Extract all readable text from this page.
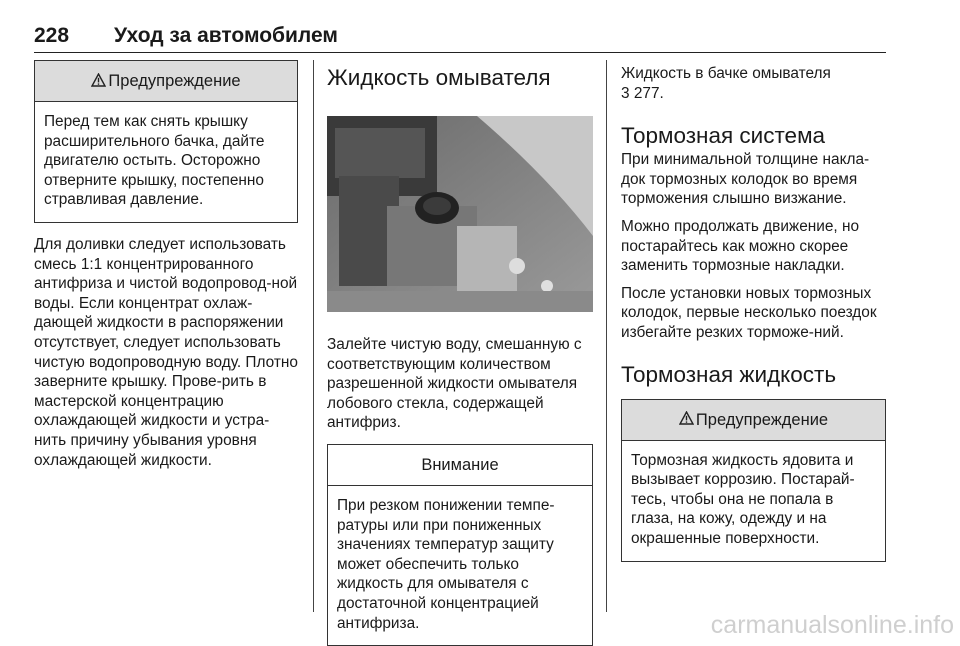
228 Уход за автомобилем
Предупреждение
Перед тем как снять крышку расширительного бачка, дайте двигателю остыть. Осторожно отверните крышку, постепенно стравливая давление.

Для доливки следует использовать смесь 1:1 концентрированного антифриза и чистой водопровод-ной воды. Если концентрат охлаж-дающей жидкости в распоряжении отсутствует, следует использовать чистую водопроводную воду. Плотно заверните крышку. Прове-рить в мастерской концентрацию охлаждающей жидкости и устра-нить причину убывания уровня охлаждающей жидкости.

Жидкость омывателя

Залейте чистую воду, смешанную с соответствующим количеством разрешенной жидкости омывателя лобового стекла, содержащей антифриз.

Внимание
При резком понижении темпе-ратуры или при пониженных значениях температур защиту может обеспечить только жидкость для омывателя с достаточной концентрацией антифриза.

Жидкость в бачке омывателя

3 277.

Тормозная система

При минимальной толщине накла-док тормозных колодок во время торможения слышно визжание.

Можно продолжать движение, но постарайтесь как можно скорее заменить тормозные накладки.

После установки новых тормозных колодок, первые несколько поездок избегайте резких торможе-ний.

Тормозная жидкость
Предупреждение
Тормозная жидкость ядовита и вызывает коррозию. Постарай-тесь, чтобы она не попала в глаза, на кожу, одежду и на окрашенные поверхности.
carmanualsonline.info
